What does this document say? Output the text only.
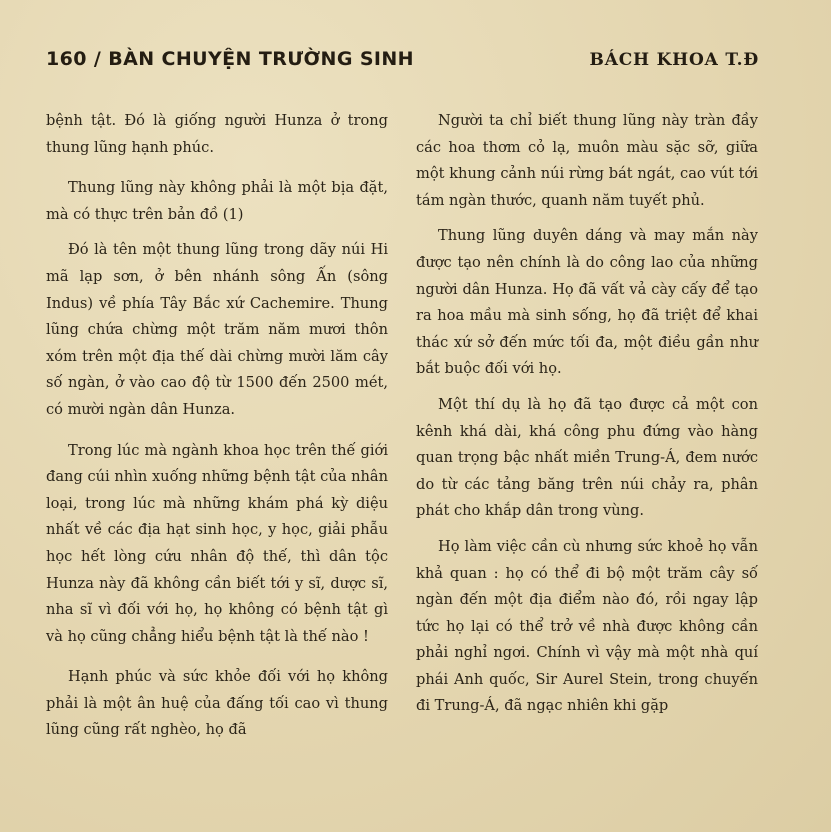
160 / BÀN CHUYỆN TRƯỜNG SINH	BÁCH KHOA T.Đ

bệnh tật. Đó là giống người Hunza ở trong thung lũng hạnh phúc.

Thung lũng này không phải là một bịa đặt, mà có thực trên bản đồ (1)

Đó là tên một thung lũng trong dãy núi Hi mã lạp sơn, ở bên nhánh sông Ấn (sông Indus) về phía Tây Bắc xứ Cachemire. Thung lũng chứa chừng một trăm năm mươi thôn xóm trên một địa thế dài chừng mười lăm cây số ngàn, ở vào cao độ từ 1500 đến 2500 mét, có mười ngàn dân Hunza.

Trong lúc mà ngành khoa học trên thế giới đang cúi nhìn xuống những bệnh tật của nhân loại, trong lúc mà những khám phá kỳ diệu nhất về các địa hạt sinh học, y học, giải phẫu học hết lòng cứu nhân độ thế, thì dân tộc Hunza này đã không cần biết tới y sĩ, dược sĩ, nha sĩ vì đối với họ, họ không có bệnh tật gì và họ cũng chẳng hiểu bệnh tật là thế nào !

Hạnh phúc và sức khỏe đối với họ không phải là một ân huệ của đấng tối cao vì thung lũng cũng rất nghèo, họ đã

Người ta chỉ biết thung lũng này tràn đầy các hoa thơm cỏ lạ, muôn màu sặc sỡ, giữa một khung cảnh núi rừng bát ngát, cao vút tới tám ngàn thước, quanh năm tuyết phủ.

Thung lũng duyên dáng và may mắn này được tạo nên chính là do công lao của những người dân Hunza. Họ đã vất vả cày cấy để tạo ra hoa mầu mà sinh sống, họ đã triệt để khai thác xứ sở đến mức tối đa, một điều gần như bắt buộc đối với họ.

Một thí dụ là họ đã tạo được cả một con kênh khá dài, khá công phu đứng vào hàng quan trọng bậc nhất miền Trung-Á, đem nước do từ các tảng băng trên núi chảy ra, phân phát cho khắp dân trong vùng.

Họ làm việc cần cù nhưng sức khoẻ họ vẫn khả quan : họ có thể đi bộ một trăm cây số ngàn đến một địa điểm nào đó, rồi ngay lập tức họ lại có thể trở về nhà được không cần phải nghỉ ngơi. Chính vì vậy mà một nhà quí phái Anh quốc, Sir Aurel Stein, trong chuyến đi Trung-Á, đã ngạc nhiên khi gặp
